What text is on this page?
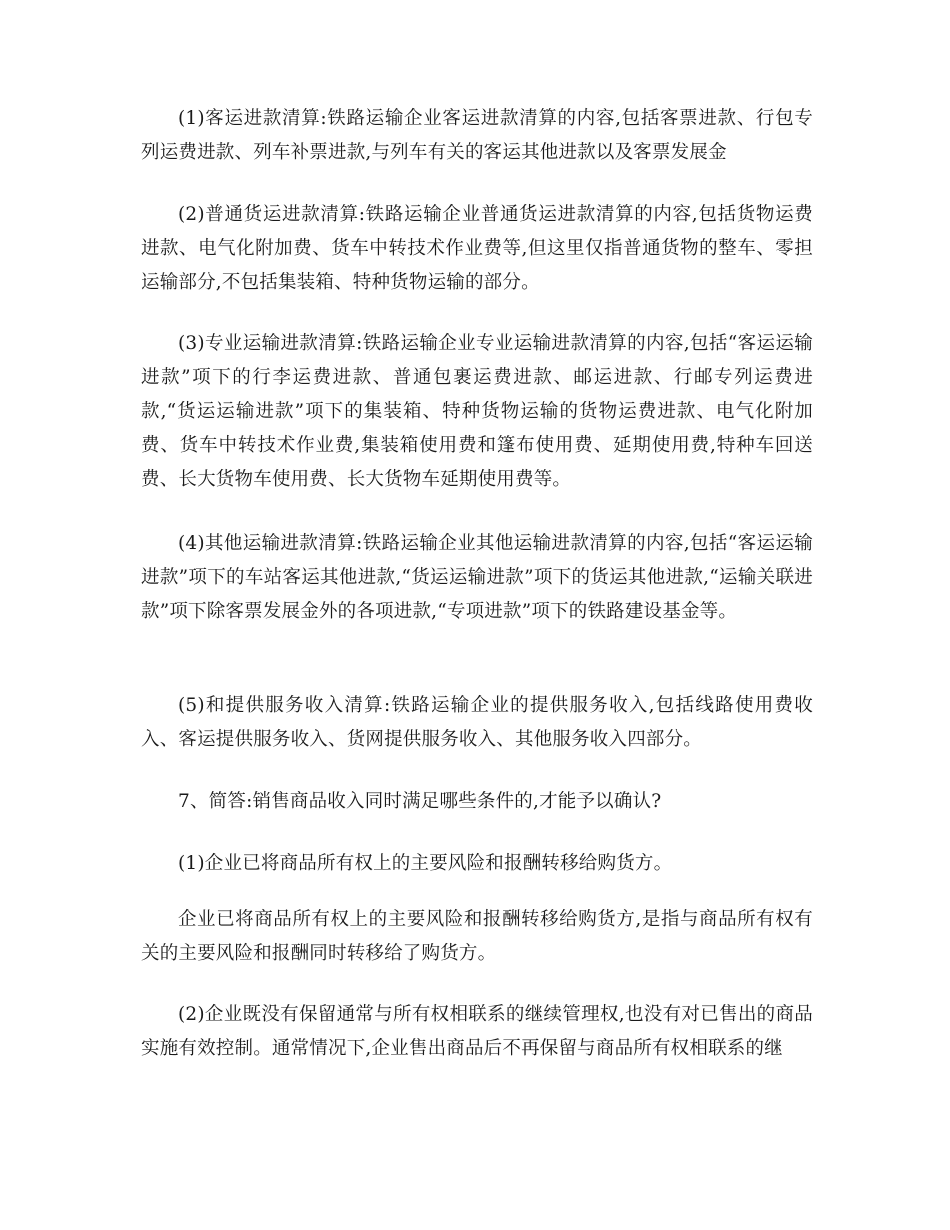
(1)客运进款清算:铁路运输企业客运进款清算的内容,包括客票进款、行包专列运费进款、列车补票进款,与列车有关的客运其他进款以及客票发展金

(2)普通货运进款清算:铁路运输企业普通货运进款清算的内容,包括货物运费进款、电气化附加费、货车中转技术作业费等,但这里仅指普通货物的整车、零担运输部分,不包括集装箱、特种货物运输的部分。

(3)专业运输进款清算:铁路运输企业专业运输进款清算的内容,包括“客运运输进款”项下的行李运费进款、普通包裹运费进款、邮运进款、行邮专列运费进款,“货运运输进款”项下的集装箱、特种货物运输的货物运费进款、电气化附加费、货车中转技术作业费,集装箱使用费和篷布使用费、延期使用费,特种车回送费、长大货物车使用费、长大货物车延期使用费等。

(4)其他运输进款清算:铁路运输企业其他运输进款清算的内容,包括“客运运输进款”项下的车站客运其他进款,“货运运输进款”项下的货运其他进款,“运输关联进款”项下除客票发展金外的各项进款,“专项进款”项下的铁路建设基金等。

(5)和提供服务收入清算:铁路运输企业的提供服务收入,包括线路使用费收入、客运提供服务收入、货网提供服务收入、其他服务收入四部分。

7、简答:销售商品收入同时满足哪些条件的,才能予以确认?

(1)企业已将商品所有权上的主要风险和报酬转移给购货方。

企业已将商品所有权上的主要风险和报酬转移给购货方,是指与商品所有权有关的主要风险和报酬同时转移给了购货方。

(2)企业既没有保留通常与所有权相联系的继续管理权,也没有对已售出的商品实施有效控制。通常情况下,企业售出商品后不再保留与商品所有权相联系的继
